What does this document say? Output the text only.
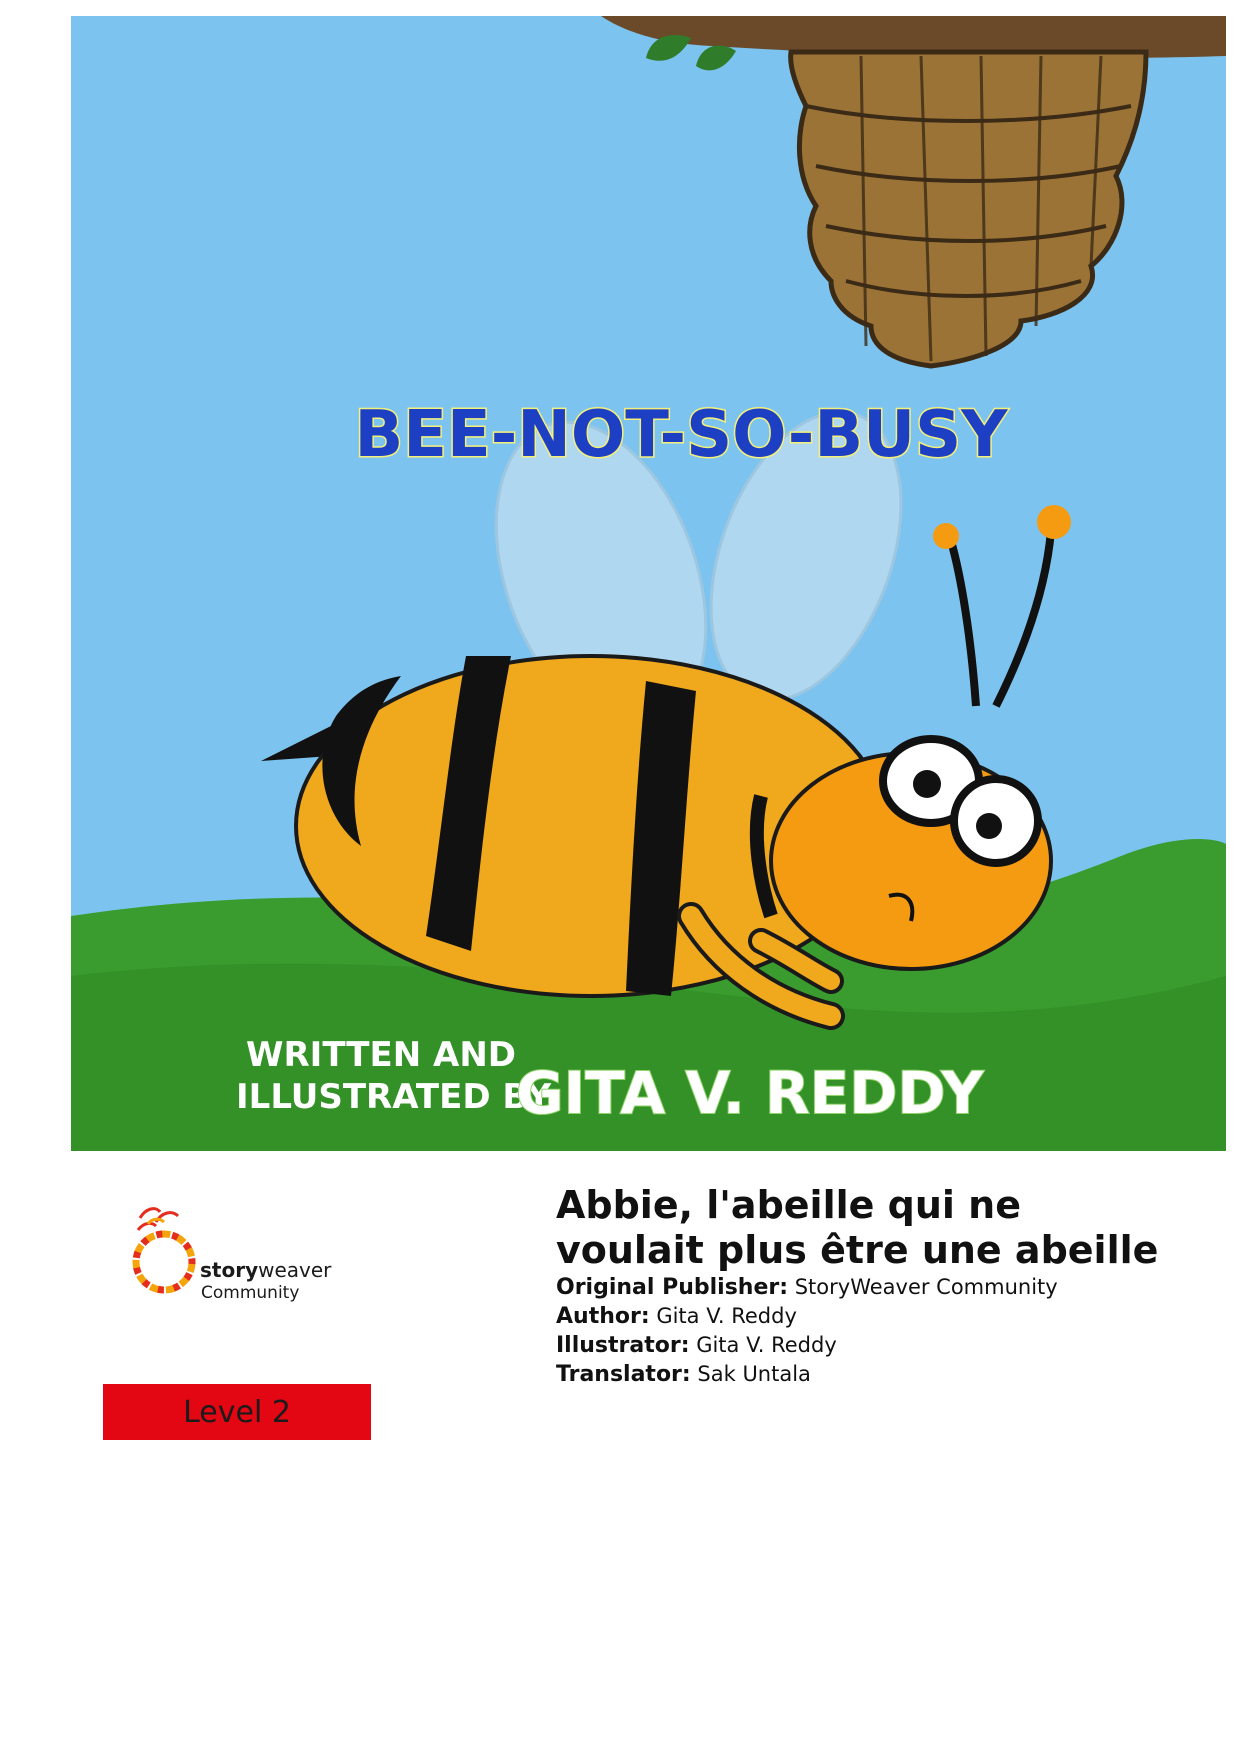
BEE-NOT-SO-BUSY
WRITTEN AND
ILLUSTRATED BY
GITA V. REDDY
storyweaver
Community
Level 2
Abbie, l'abeille qui ne voulait plus être une abeille
Original Publisher: StoryWeaver Community
Author: Gita V. Reddy
Illustrator: Gita V. Reddy
Translator: Sak Untala
